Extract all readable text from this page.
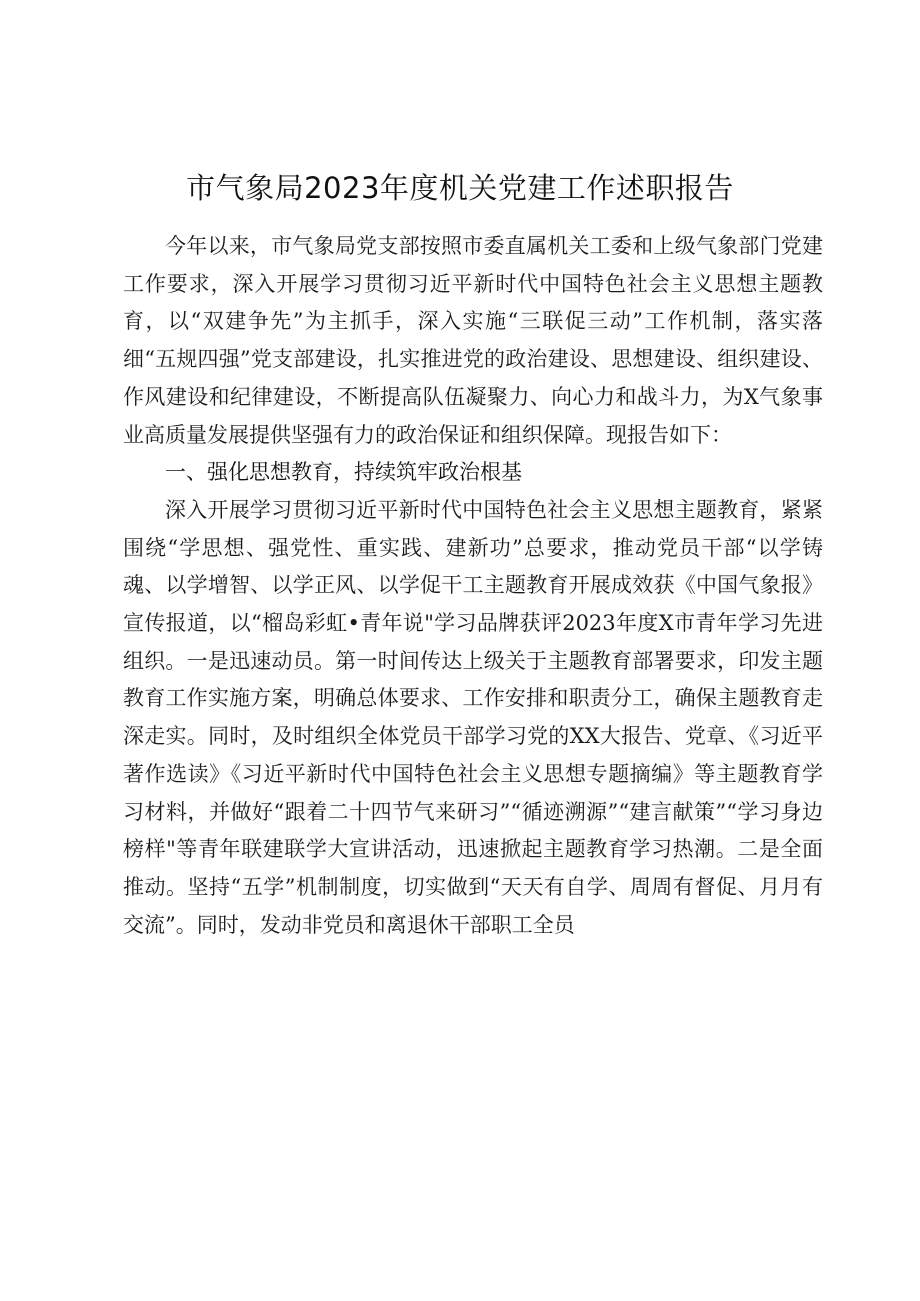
市气象局2023年度机关党建工作述职报告

今年以来，市气象局党支部按照市委直属机关工委和上级气象部门党建工作要求，深入开展学习贯彻习近平新时代中国特色社会主义思想主题教育，以“双建争先”为主抓手，深入实施“三联促三动”工作机制，落实落细“五规四强”党支部建设，扎实推进党的政治建设、思想建设、组织建设、作风建设和纪律建设，不断提高队伍凝聚力、向心力和战斗力，为X气象事业高质量发展提供坚强有力的政治保证和组织保障。现报告如下：

一、强化思想教育，持续筑牢政治根基

深入开展学习贯彻习近平新时代中国特色社会主义思想主题教育，紧紧围绕“学思想、强党性、重实践、建新功”总要求，推动党员干部“以学铸魂、以学增智、以学正风、以学促干工主题教育开展成效获《中国气象报》宣传报道，以“榴岛彩虹•青年说"学习品牌获评2023年度X市青年学习先进组织。一是迅速动员。第一时间传达上级关于主题教育部署要求，印发主题教育工作实施方案，明确总体要求、工作安排和职责分工，确保主题教育走深走实。同时，及时组织全体党员干部学习党的XX大报告、党章、《习近平著作选读》《习近平新时代中国特色社会主义思想专题摘编》等主题教育学习材料，并做好“跟着二十四节气来研习”“循迹溯源”“建言献策”“学习身边榜样"等青年联建联学大宣讲活动，迅速掀起主题教育学习热潮。二是全面推动。坚持“五学”机制制度，切实做到“天天有自学、周周有督促、月月有交流”。同时，发动非党员和离退休干部职工全员
